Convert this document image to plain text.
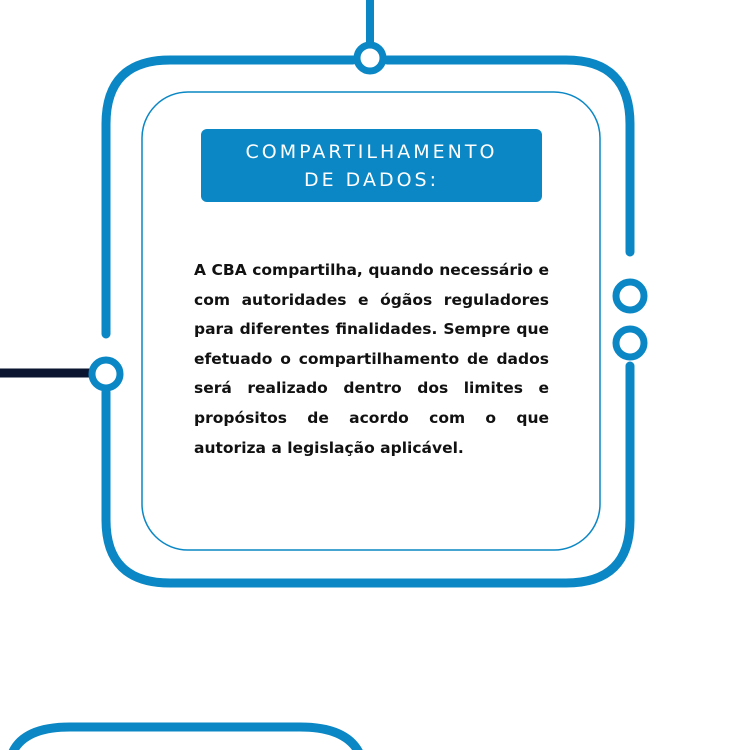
COMPARTILHAMENTO
DE DADOS:
A CBA compartilha, quando necessário e com autoridades e ógãos reguladores para diferentes finalidades. Sempre que efetuado o compartilhamento de dados será realizado dentro dos limites e propósitos de acordo com o que autoriza a legislação aplicável.
